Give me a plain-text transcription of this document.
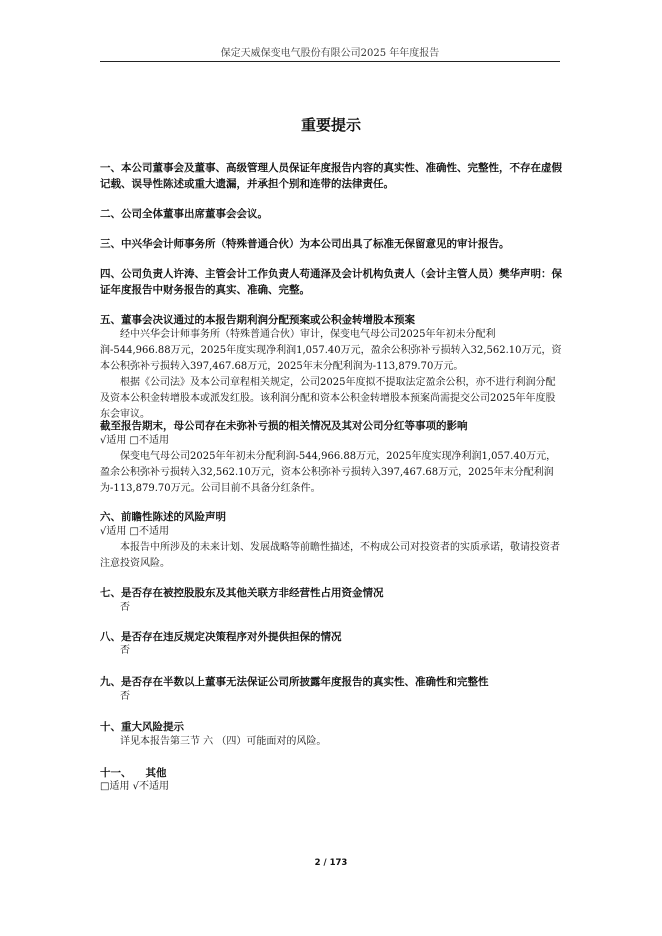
保定天威保变电气股份有限公司2025 年年度报告
重要提示
一、本公司董事会及董事、高级管理人员保证年度报告内容的真实性、准确性、完整性，不存在虚假记载、误导性陈述或重大遗漏，并承担个别和连带的法律责任。
二、公司全体董事出席董事会会议。
三、中兴华会计师事务所（特殊普通合伙）为本公司出具了标准无保留意见的审计报告。
四、公司负责人许涛、主管会计工作负责人苟通泽及会计机构负责人（会计主管人员）樊华声明：保证年度报告中财务报告的真实、准确、完整。
五、董事会决议通过的本报告期利润分配预案或公积金转增股本预案
经中兴华会计师事务所（特殊普通合伙）审计，保变电气母公司2025年年初未分配利润-544,966.88万元，2025年度实现净利润1,057.40万元，盈余公积弥补亏损转入32,562.10万元，资本公积弥补亏损转入397,467.68万元，2025年末分配利润为-113,879.70万元。
根据《公司法》及本公司章程相关规定，公司2025年度拟不提取法定盈余公积，亦不进行利润分配及资本公积金转增股本或派发红股。该利润分配和资本公积金转增股本预案尚需提交公司2025年年度股东会审议。
截至报告期末，母公司存在未弥补亏损的相关情况及其对公司分红等事项的影响
√适用 □不适用
保变电气母公司2025年年初未分配利润-544,966.88万元，2025年度实现净利润1,057.40万元，盈余公积弥补亏损转入32,562.10万元，资本公积弥补亏损转入397,467.68万元，2025年末分配利润为-113,879.70万元。公司目前不具备分红条件。
六、前瞻性陈述的风险声明
√适用 □不适用
本报告中所涉及的未来计划、发展战略等前瞻性描述，不构成公司对投资者的实质承诺，敬请投资者注意投资风险。
七、是否存在被控股股东及其他关联方非经营性占用资金情况
否
八、是否存在违反规定决策程序对外提供担保的情况
否
九、是否存在半数以上董事无法保证公司所披露年度报告的真实性、准确性和完整性
否
十、重大风险提示
详见本报告第三节 六 （四）可能面对的风险。
十一、 其他
□适用 √不适用
2 / 173
